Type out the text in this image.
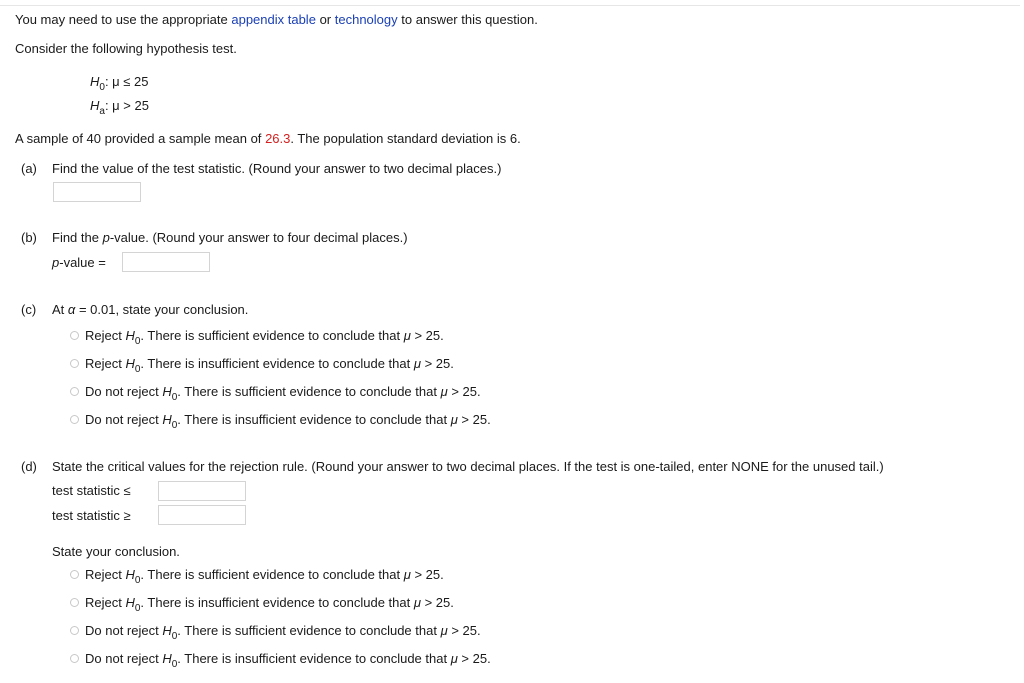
You may need to use the appropriate appendix table or technology to answer this question.
Consider the following hypothesis test.
$H_0$: μ ≤ 25
$H_a$: μ > 25
A sample of 40 provided a sample mean of 26.3. The population standard deviation is 6.
(a) Find the value of the test statistic. (Round your answer to two decimal places.)
(b) Find the p-value. (Round your answer to four decimal places.)
p-value =
(c) At α = 0.01, state your conclusion.
Reject $H_0$. There is sufficient evidence to conclude that μ > 25.
Reject $H_0$. There is insufficient evidence to conclude that μ > 25.
Do not reject $H_0$. There is sufficient evidence to conclude that μ > 25.
Do not reject $H_0$. There is insufficient evidence to conclude that μ > 25.
(d) State the critical values for the rejection rule. (Round your answer to two decimal places. If the test is one-tailed, enter NONE for the unused tail.)
test statistic ≤
test statistic ≥
State your conclusion.
Reject $H_0$. There is sufficient evidence to conclude that μ > 25.
Reject $H_0$. There is insufficient evidence to conclude that μ > 25.
Do not reject $H_0$. There is sufficient evidence to conclude that μ > 25.
Do not reject $H_0$. There is insufficient evidence to conclude that μ > 25.
